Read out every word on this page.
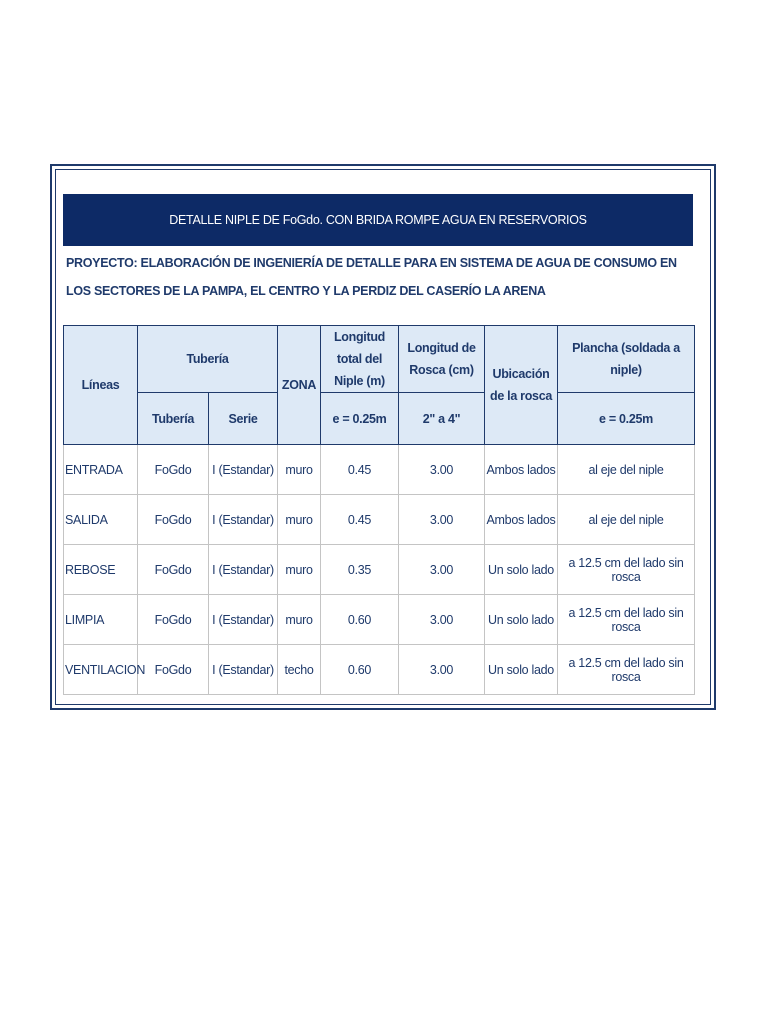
DETALLE NIPLE DE FoGdo. CON BRIDA ROMPE AGUA EN RESERVORIOS
PROYECTO: ELABORACIÓN DE INGENIERÍA DE DETALLE PARA EN SISTEMA DE AGUA DE CONSUMO EN LOS SECTORES DE LA PAMPA, EL CENTRO Y LA PERDIZ DEL CASERÍO LA ARENA
Líneas	Tubería		ZONA	Longitud total del Niple (m)	Longitud de Rosca (cm)	Ubicación de la rosca	Plancha (soldada a niple)
	Tubería	Serie		e = 0.25m	2" a 4"		e = 0.25m
ENTRADA	FoGdo	I (Estandar)	muro	0.45	3.00	Ambos lados	al eje del niple
SALIDA	FoGdo	I (Estandar)	muro	0.45	3.00	Ambos lados	al eje del niple
REBOSE	FoGdo	I (Estandar)	muro	0.35	3.00	Un solo lado	a 12.5 cm del lado sin rosca
LIMPIA	FoGdo	I (Estandar)	muro	0.60	3.00	Un solo lado	a 12.5 cm del lado sin rosca
VENTILACION	FoGdo	I (Estandar)	techo	0.60	3.00	Un solo lado	a 12.5 cm del lado sin rosca
